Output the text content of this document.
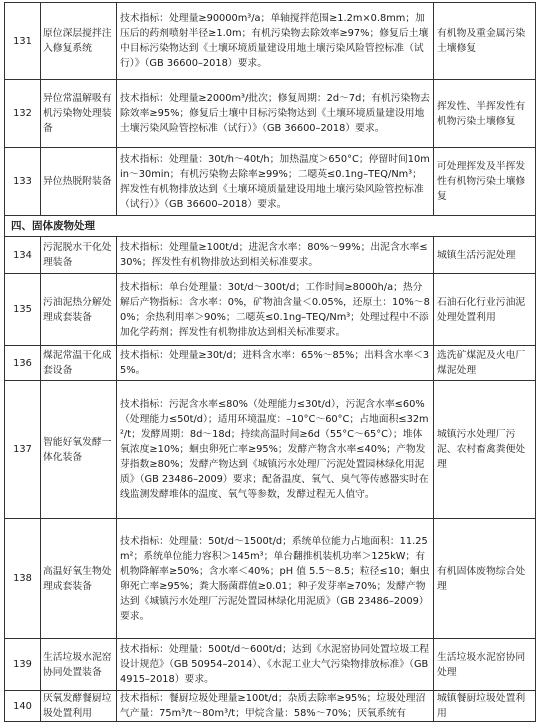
131	原位深层搅拌注入修复系统	技术指标：处理量≥90000m³/a；单轴搅拌范围≥1.2m×0.8mm；加压后的药剂喷射半径≥1.0m；有机污染物去除效率≥97%；修复后土壤中目标污染物达到《土壤环境质量建设用地土壤污染风险管控标准（试行）》（GB 36600–2018）要求。	有机物及重金属污染土壤修复
132	异位常温解吸有机污染物处理装备	技术指标：处理量≥2000m³/批次；修复周期：2d～7d；有机污染物去除效率≥95%；修复后土壤中目标污染物达到《土壤环境质量建设用地土壤污染风险管控标准（试行）》（GB 36600–2018）要求。	挥发性、半挥发性有机物污染土壤修复
133	异位热脱附装备	技术指标：处理量：30t/h～40t/h；加热温度＞650°C；停留时间10min～30min；有机污染物去除率≥99%；二噁英≤0.1ng–TEQ/Nm³；挥发性有机物排放达到《土壤环境质量建设用地土壤污染风险管控标准（试行）》（GB 36600–2018）要求。	可处理挥发及半挥发性有机物污染土壤修复
四、固体废物处理			
134	污泥脱水干化处理装备	技术指标：处理量≥100t/d；进泥含水率：80%～99%；出泥含水率≤30%；挥发性有机物排放达到相关标准要求。	城镇生活污泥处理
135	污油泥热分解处理成套装备	技术指标：单台处理量：30t/d～300t/d；工作时间≥8000h/a；热分解后产物指标：含水率：0%，矿物油含量＜0.05%，还原土：10%～80%；余热利用率＞90%；二噁英≤0.1ng–TEQ/Nm³；处理过程中不添加化学药剂；挥发性有机物排放达到相关标准要求。	石油石化行业污油泥处理处置利用
136	煤泥常温干化成套设备	技术指标：处理量≥30t/d；进料含水率：65%～85%；出料含水率＜35%。	选洗矿煤泥及火电厂煤泥处理
137	智能好氧发酵一体化装备	技术指标：污泥含水率≤80%（处理能力≤30t/d），污泥含水率≤60%（处理能力≤50t/d）；适用环境温度：–10°C～60°C；占地面积≤32m²/t；发酵周期：8d～18d；持续高温时间≥6d（55°C～65°C）；堆体氧浓度≥10%；蛔虫卵死亡率≥95%；发酵产物含水率≤40%；产物发芽指数≥80%；发酵产物达到《城镇污水处理厂污泥处置园林绿化用泥质》（GB 23486–2009）要求；配备温度、氧气、臭气等传感器实时在线监测发酵堆体的温度、氧气等参数，发酵过程无人值守。	城镇污水处理厂污泥、农村畜禽粪便处理
138	高温好氧生物处理成套装备	技术指标：处理量：50t/d～1500t/d；系统单位能力占地面积：11.25m²；系统单位能力容积＞145m³；单台翻推机装机功率＞125kW；有机物降解率≥50%；含水率＜40%；pH 值 5.5～8.5；粒径≤10；蛔虫卵死亡率≥95%；粪大肠菌群值≥0.01；种子发芽率≥70%；发酵产物达到《城镇污水处理厂污泥处置园林绿化用泥质》（GB 23486–2009）要求。	有机固体废物综合处理
139	生活垃圾水泥窑协同处置装备	技术指标：处理量：500t/d～600t/d；达到《水泥窑协同处置垃圾工程设计规范》（GB 50954–2014）、《水泥工业大气污染物排放标准》（GB 4915–2018）要求。	生活垃圾水泥窑协同处理
140	厌氧发酵餐厨垃圾处置利用	技术指标：餐厨垃圾处理量≥100t/d；杂质去除率≥95%；垃圾处理沼气产量：75m³/t～80m³/t；甲烷含量：58%～70%；厌氧系统有	城镇餐厨垃圾处置利用
